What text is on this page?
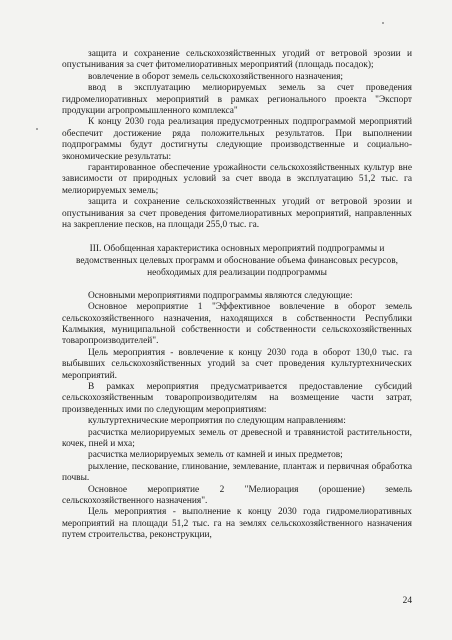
защита и сохранение сельскохозяйственных угодий от ветровой эрозии и опустынивания за счет фитомелиоративных мероприятий (площадь посадок);

вовлечение в оборот земель сельскохозяйственного назначения;

ввод в эксплуатацию мелиорируемых земель за счет проведения гидромелиоративных мероприятий в рамках регионального проекта "Экспорт продукции агропромышленного комплекса"

К концу 2030 года реализация предусмотренных подпрограммой мероприятий обеспечит достижение ряда положительных результатов. При выполнении подпрограммы будут достигнуты следующие производственные и социально-экономические результаты:

гарантированное обеспечение урожайности сельскохозяйственных культур вне зависимости от природных условий за счет ввода в эксплуатацию 51,2 тыс. га мелиорируемых земель;

защита и сохранение сельскохозяйственных угодий от ветровой эрозии и опустынивания за счет проведения фитомелиоративных мероприятий, направленных на закрепление песков, на площади 255,0 тыс. га.

III. Обобщенная характеристика основных мероприятий подпрограммы и ведомственных целевых программ и обоснование объема финансовых ресурсов, необходимых для реализации подпрограммы

Основными мероприятиями подпрограммы являются следующие:

Основное мероприятие 1 "Эффективное вовлечение в оборот земель сельскохозяйственного назначения, находящихся в собственности Республики Калмыкия, муниципальной собственности и собственности сельскохозяйственных товаропроизводителей".

Цель мероприятия - вовлечение к концу 2030 года в оборот 130,0 тыс. га выбывших сельскохозяйственных угодий за счет проведения культуртехнических мероприятий.

В рамках мероприятия предусматривается предоставление субсидий сельскохозяйственным товаропроизводителям на возмещение части затрат, произведенных ими по следующим мероприятиям:

культуртехнические мероприятия по следующим направлениям:

расчистка мелиорируемых земель от древесной и травянистой растительности, кочек, пней и мха;

расчистка мелиорируемых земель от камней и иных предметов;

рыхление, пескование, глинование, землевание, плантаж и первичная обработка почвы.

Основное мероприятие 2 "Мелиорация (орошение) земель сельскохозяйственного назначения".

Цель мероприятия - выполнение к концу 2030 года гидромелиоративных мероприятий на площади 51,2 тыс. га на землях сельскохозяйственного назначения путем строительства, реконструкции,

24
